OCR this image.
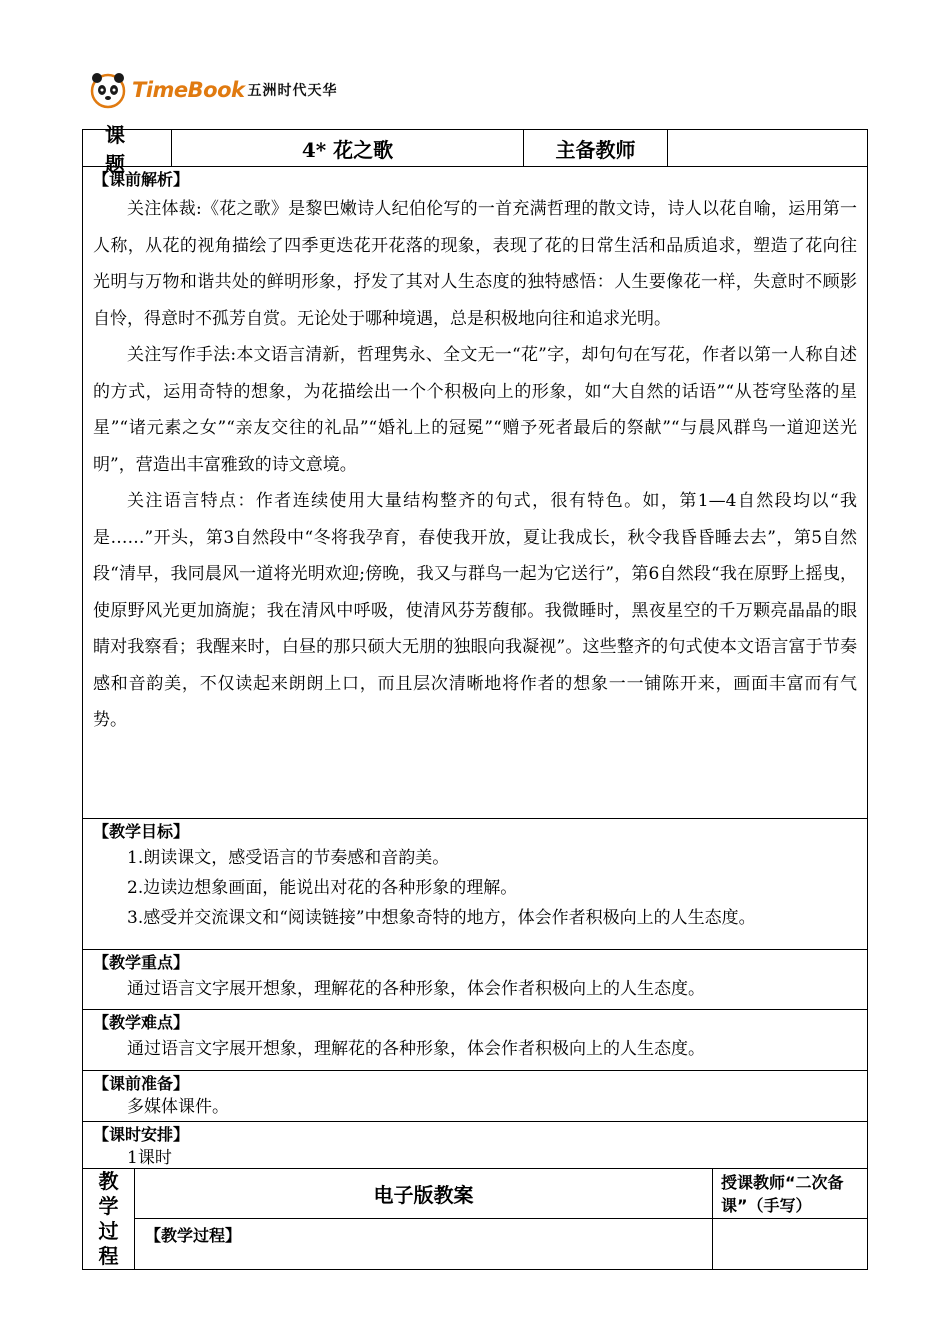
TimeBook 五洲时代天华
课题
4* 花之歌	主备教师
【课前解析】

关注体裁:《花之歌》是黎巴嫩诗人纪伯伦写的一首充满哲理的散文诗，诗人以花自喻，运用第一人称，从花的视角描绘了四季更迭花开花落的现象，表现了花的日常生活和品质追求，塑造了花向往光明与万物和谐共处的鲜明形象，抒发了其对人生态度的独特感悟：人生要像花一样，失意时不顾影自怜，得意时不孤芳自赏。无论处于哪种境遇，总是积极地向往和追求光明。

关注写作手法:本文语言清新，哲理隽永、全文无一“花”字，却句句在写花，作者以第一人称自述的方式，运用奇特的想象，为花描绘出一个个积极向上的形象，如“大自然的话语”“从苍穹坠落的星星”“诸元素之女”“亲友交往的礼品”“婚礼上的冠冕”“赠予死者最后的祭献”“与晨风群鸟一道迎送光明”，营造出丰富雅致的诗文意境。

关注语言特点：作者连续使用大量结构整齐的句式，很有特色。如，第1—4自然段均以“我是……”开头，第3自然段中“冬将我孕育，春使我开放，夏让我成长，秋令我昏昏睡去去”，第5自然段“清早，我同晨风一道将光明欢迎;傍晚，我又与群鸟一起为它送行”，第6自然段“我在原野上摇曳，使原野风光更加旖旎；我在清风中呼吸，使清风芬芳馥郁。我微睡时，黑夜星空的千万颗亮晶晶的眼睛对我察看；我醒来时，白昼的那只硕大无朋的独眼向我凝视”。这些整齐的句式使本文语言富于节奏感和音韵美，不仅读起来朗朗上口，而且层次清晰地将作者的想象一一铺陈开来，画面丰富而有气势。

【教学目标】

1.朗读课文，感受语言的节奏感和音韵美。

2.边读边想象画面，能说出对花的各种形象的理解。

3.感受并交流课文和“阅读链接”中想象奇特的地方，体会作者积极向上的人生态度。

【教学重点】
通过语言文字展开想象，理解花的各种形象，体会作者积极向上的人生态度。
【教学难点】
通过语言文字展开想象，理解花的各种形象，体会作者积极向上的人生态度。
【课前准备】
多媒体课件。
【课时安排】
1课时
教
学
过
程
电子版教案
【教学过程】
授课教师“二次备课”（手写）
